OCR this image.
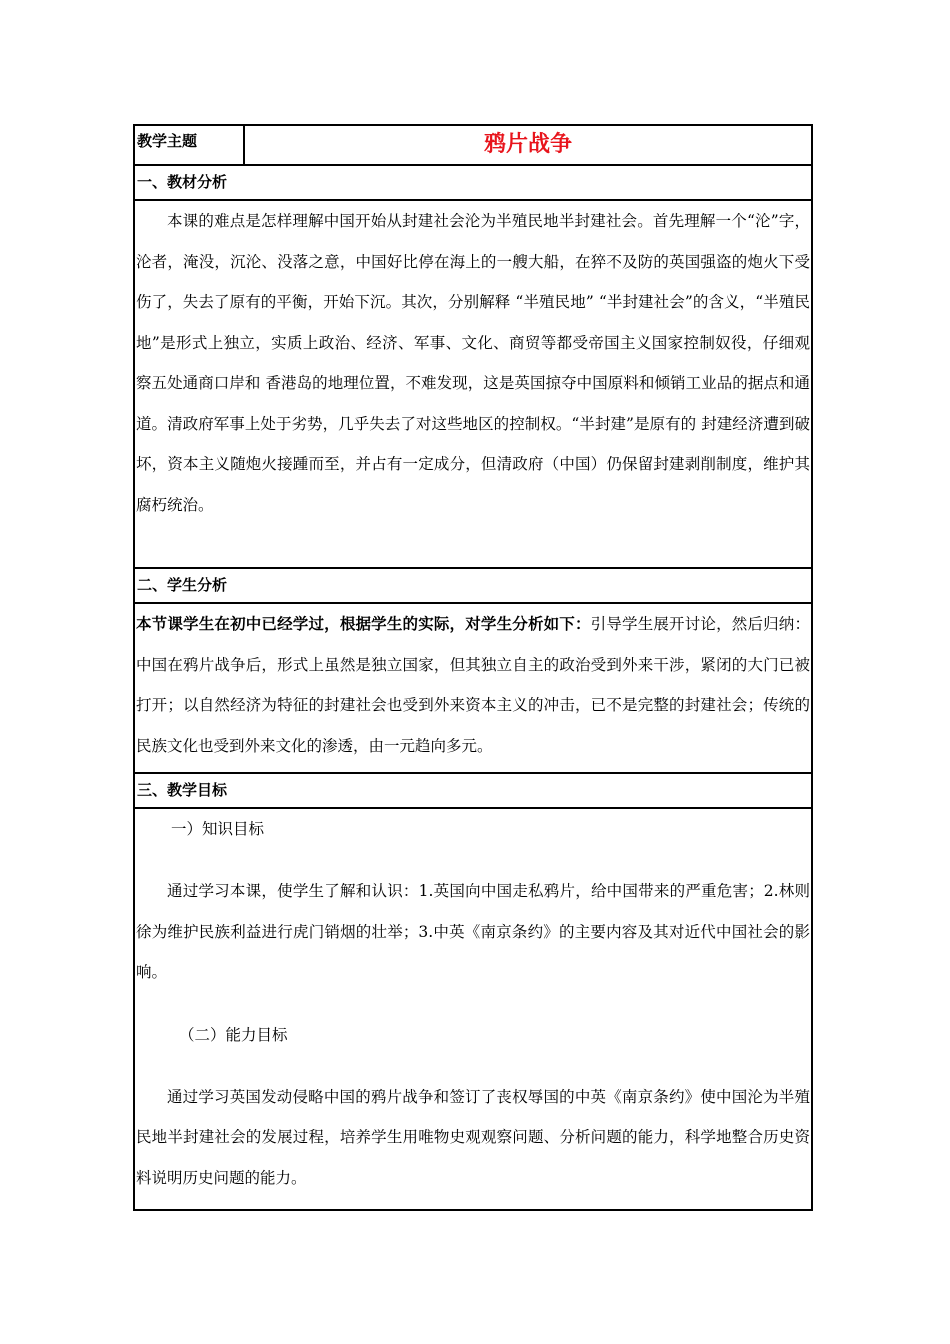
教学主题	鸦片战争
一、教材分析

本课的难点是怎样理解中国开始从封建社会沦为半殖民地半封建社会。首先理解一个“沦”字，沦者，淹没，沉沦、没落之意，中国好比停在海上的一艘大船，在猝不及防的英国强盗的炮火下受伤了，失去了原有的平衡，开始下沉。其次，分别解释 “半殖民地” “半封建社会”的含义，“半殖民地”是形式上独立，实质上政治、经济、军事、文化、商贸等都受帝国主义国家控制奴役，仔细观察五处通商口岸和 香港岛的地理位置，不难发现，这是英国掠夺中国原料和倾销工业品的据点和通道。清政府军事上处于劣势，几乎失去了对这些地区的控制权。“半封建”是原有的 封建经济遭到破坏，资本主义随炮火接踵而至，并占有一定成分，但清政府（中国）仍保留封建剥削制度，维护其腐朽统治。

二、学生分析

本节课学生在初中已经学过，根据学生的实际，对学生分析如下：引导学生展开讨论，然后归纳：中国在鸦片战争后，形式上虽然是独立国家，但其独立自主的政治受到外来干涉，紧闭的大门已被打开；以自然经济为特征的封建社会也受到外来资本主义的冲击，已不是完整的封建社会；传统的民族文化也受到外来文化的渗透，由一元趋向多元。

三、教学目标

一）知识目标

通过学习本课，使学生了解和认识：1.英国向中国走私鸦片，给中国带来的严重危害；2.林则徐为维护民族利益进行虎门销烟的壮举；3.中英《南京条约》的主要内容及其对近代中国社会的影响。

（二）能力目标

通过学习英国发动侵略中国的鸦片战争和签订了丧权辱国的中英《南京条约》使中国沦为半殖民地半封建社会的发展过程，培养学生用唯物史观观察问题、分析问题的能力，科学地整合历史资料说明历史问题的能力。
